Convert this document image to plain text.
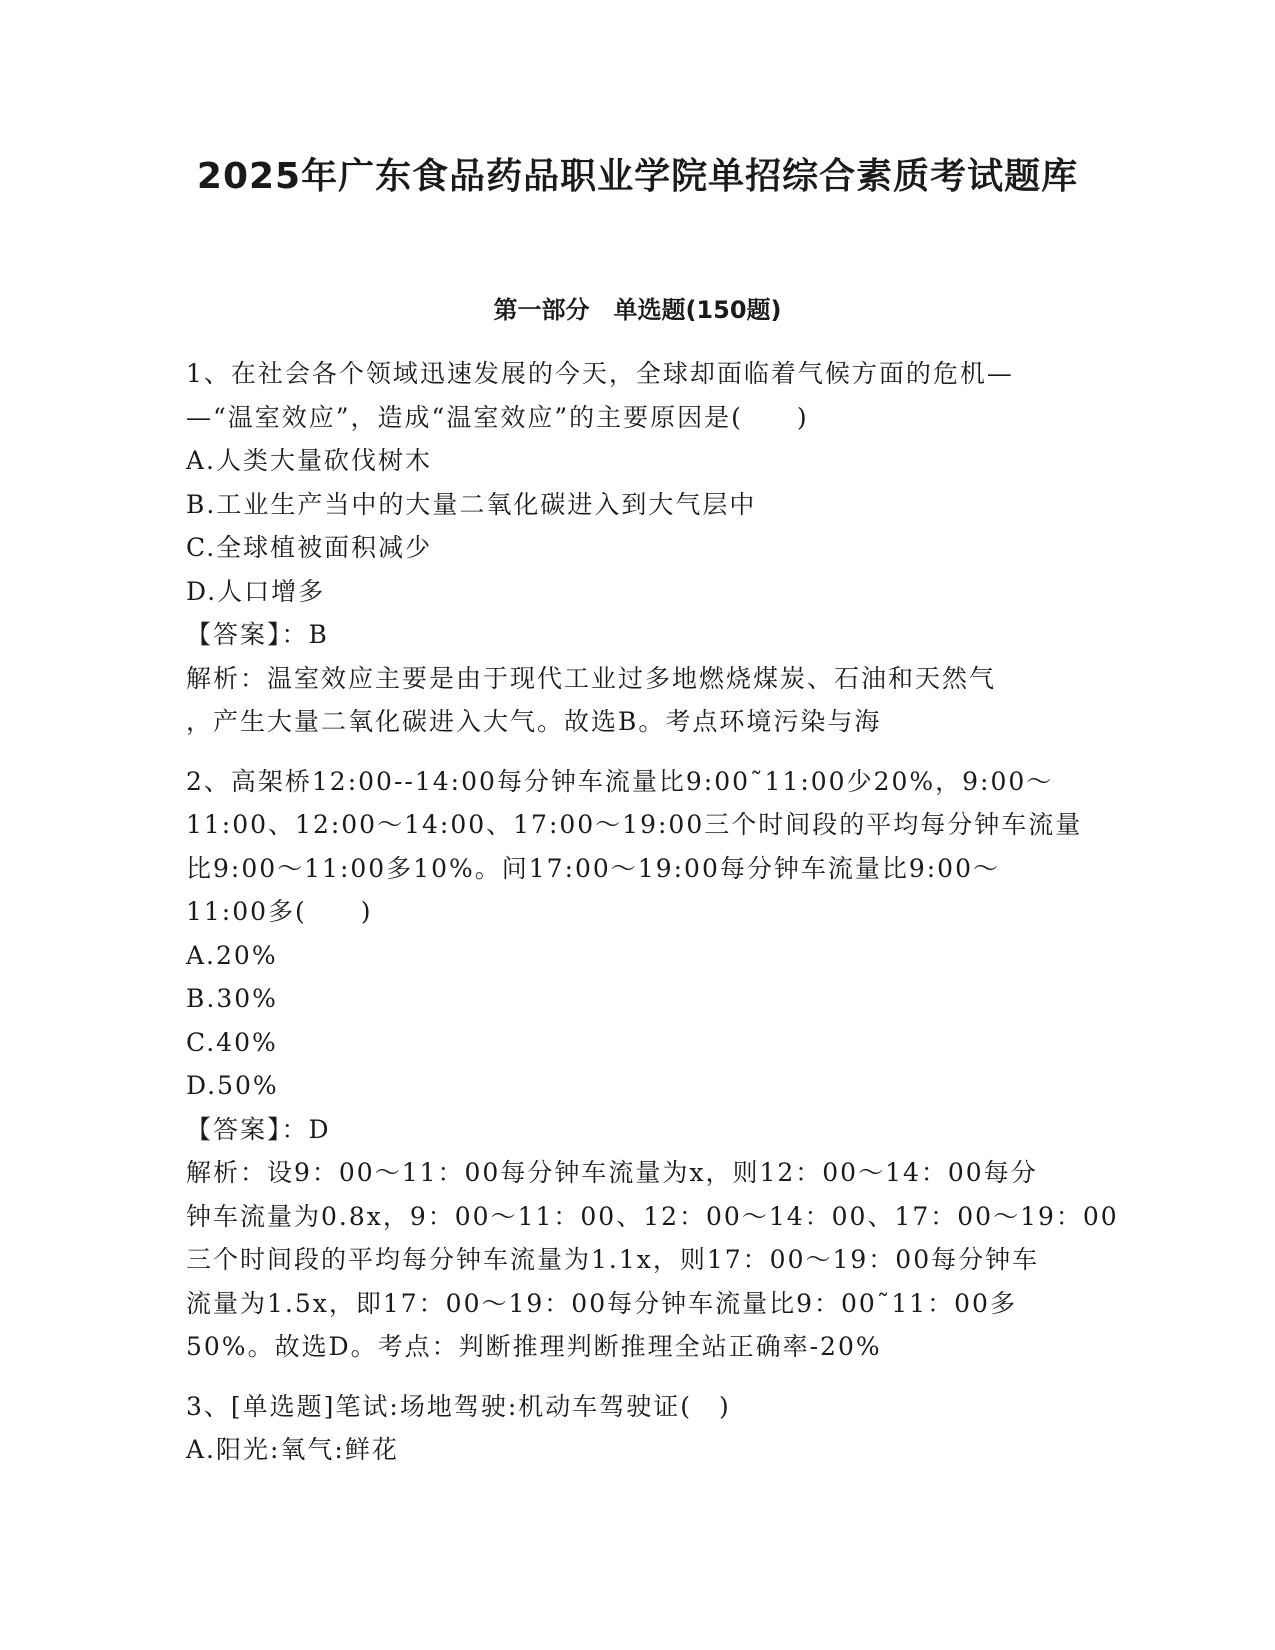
2025年广东食品药品职业学院单招综合素质考试题库
第一部分　单选题(150题)

1、在社会各个领域迅速发展的今天，全球却面临着气候方面的危机—

—“温室效应”，造成“温室效应”的主要原因是(　　)

A.人类大量砍伐树木

B.工业生产当中的大量二氧化碳进入到大气层中

C.全球植被面积减少

D.人口增多

【答案】：B

解析：温室效应主要是由于现代工业过多地燃烧煤炭、石油和天然气

，产生大量二氧化碳进入大气。故选B。考点环境污染与海

2、高架桥12:00--14:00每分钟车流量比9:00˜11:00少20%，9:00～

11:00、12:00～14:00、17:00～19:00三个时间段的平均每分钟车流量

比9:00～11:00多10%。问17:00～19:00每分钟车流量比9:00～

11:00多(　　)

A.20%

B.30%

C.40%

D.50%

【答案】：D

解析：设9：00～11：00每分钟车流量为x，则12：00～14：00每分

钟车流量为0.8x，9：00～11：00、12：00～14：00、17：00～19：00

三个时间段的平均每分钟车流量为1.1x，则17：00～19：00每分钟车

流量为1.5x，即17：00～19：00每分钟车流量比9：00˜11：00多

50%。故选D。考点：判断推理判断推理全站正确率-20%

3、[单选题]笔试:场地驾驶:机动车驾驶证(　)

A.阳光:氧气:鲜花
